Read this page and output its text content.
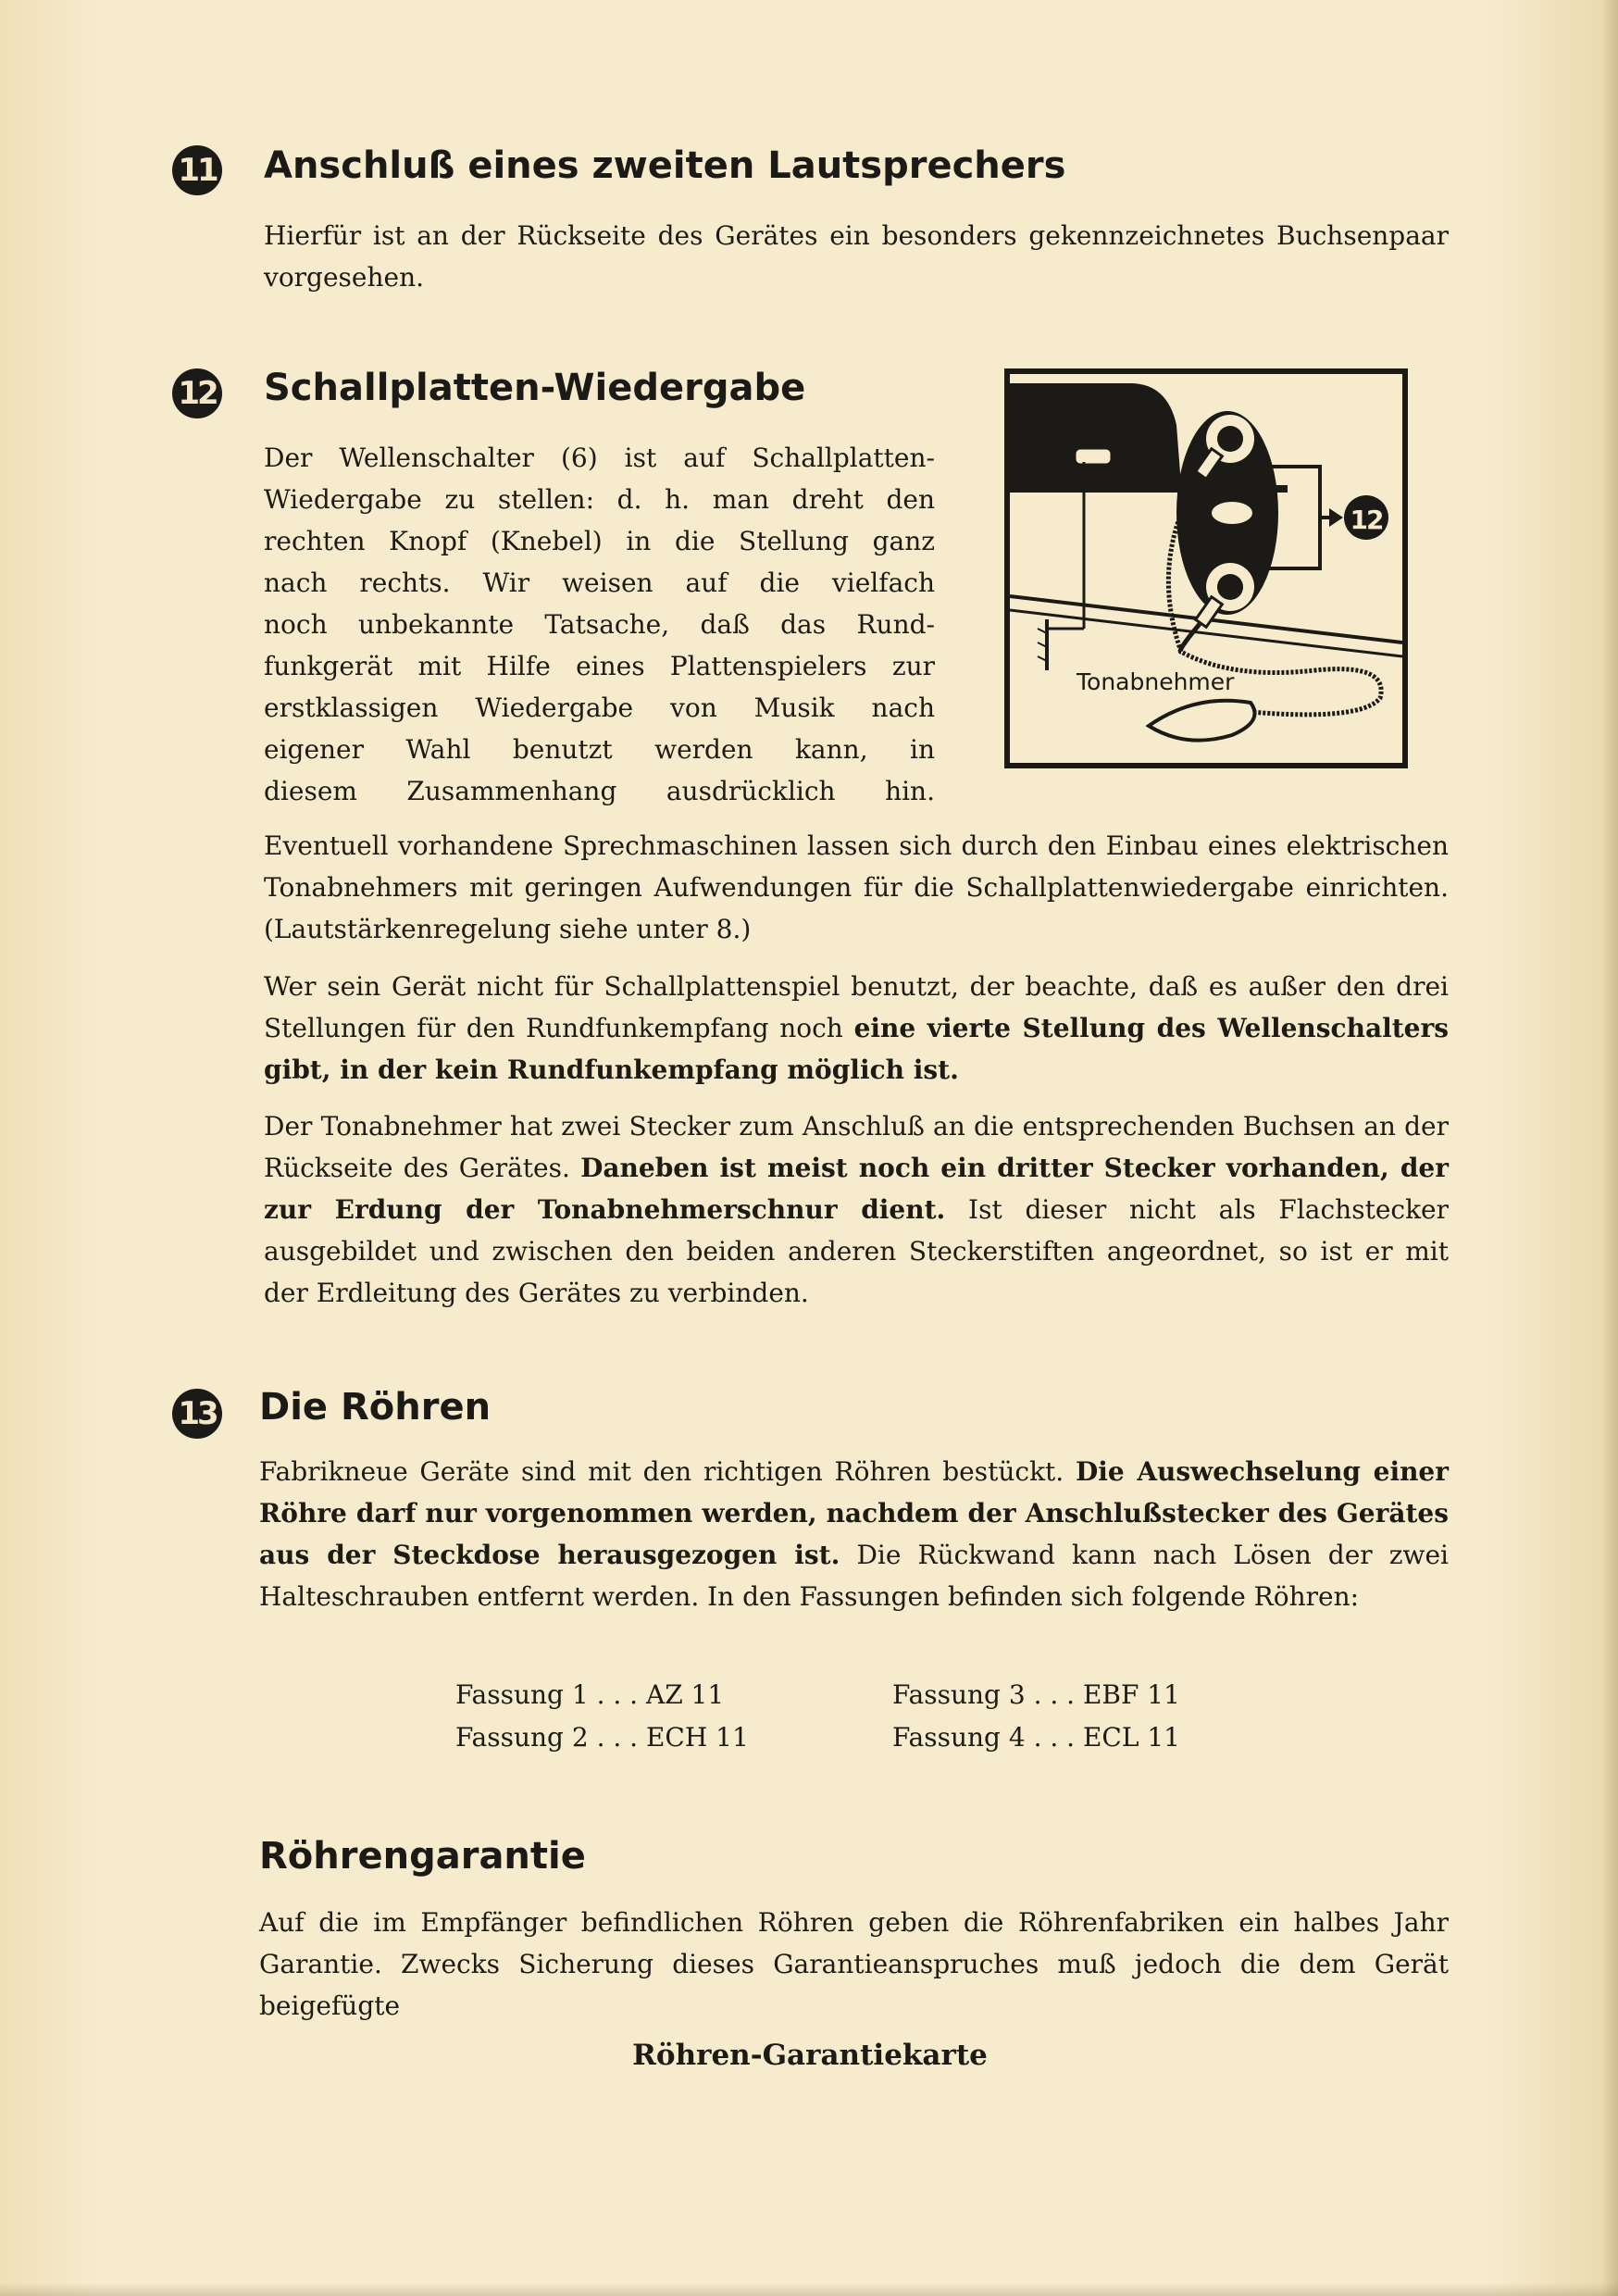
11 Anschluß eines zweiten Lautsprechers

Hierfür ist an der Rückseite des Gerätes ein besonders gekennzeichnetes Buchsenpaar vorgesehen.

12 Schallplatten-Wiedergabe
Der Wellenschalter (6) ist auf Schallplatten-
Wiedergabe zu stellen: d. h. man dreht den
rechten Knopf (Knebel) in die Stellung ganz
nach rechts. Wir weisen auf die vielfach
noch unbekannte Tatsache, daß das Rund-
funkgerät mit Hilfe eines Plattenspielers zur
erstklassigen Wiedergabe von Musik nach
eigener Wahl benutzt werden kann, in
diesem Zusammenhang ausdrücklich hin.
12
Tonabnehmer

Eventuell vorhandene Sprechmaschinen lassen sich durch den Einbau eines elektrischen Tonabnehmers mit geringen Aufwendungen für die Schallplattenwiedergabe einrichten. (Lautstärkenregelung siehe unter 8.)

Wer sein Gerät nicht für Schallplattenspiel benutzt, der beachte, daß es außer den drei Stellungen für den Rundfunkempfang noch eine vierte Stellung des Wellenschalters gibt, in der kein Rundfunkempfang möglich ist.

Der Tonabnehmer hat zwei Stecker zum Anschluß an die entsprechenden Buchsen an der Rückseite des Gerätes. Daneben ist meist noch ein dritter Stecker vorhanden, der zur Erdung der Tonabnehmerschnur dient. Ist dieser nicht als Flachstecker ausgebildet und zwischen den beiden anderen Steckerstiften angeordnet, so ist er mit der Erdleitung des Gerätes zu verbinden.

13 Die Röhren

Fabrikneue Geräte sind mit den richtigen Röhren bestückt. Die Auswechselung einer Röhre darf nur vorgenommen werden, nachdem der Anschlußstecker des Gerätes aus der Steckdose herausgezogen ist. Die Rückwand kann nach Lösen der zwei Halteschrauben entfernt werden. In den Fassungen befinden sich folgende Röhren:

Fassung 1 . . . AZ 11
Fassung 2 . . . ECH 11
Fassung 3 . . . EBF 11
Fassung 4 . . . ECL 11
Röhrengarantie

Auf die im Empfänger befindlichen Röhren geben die Röhrenfabriken ein halbes Jahr Garantie. Zwecks Sicherung dieses Garantieanspruches muß jedoch die dem Gerät beigefügte

Röhren-Garantiekarte
